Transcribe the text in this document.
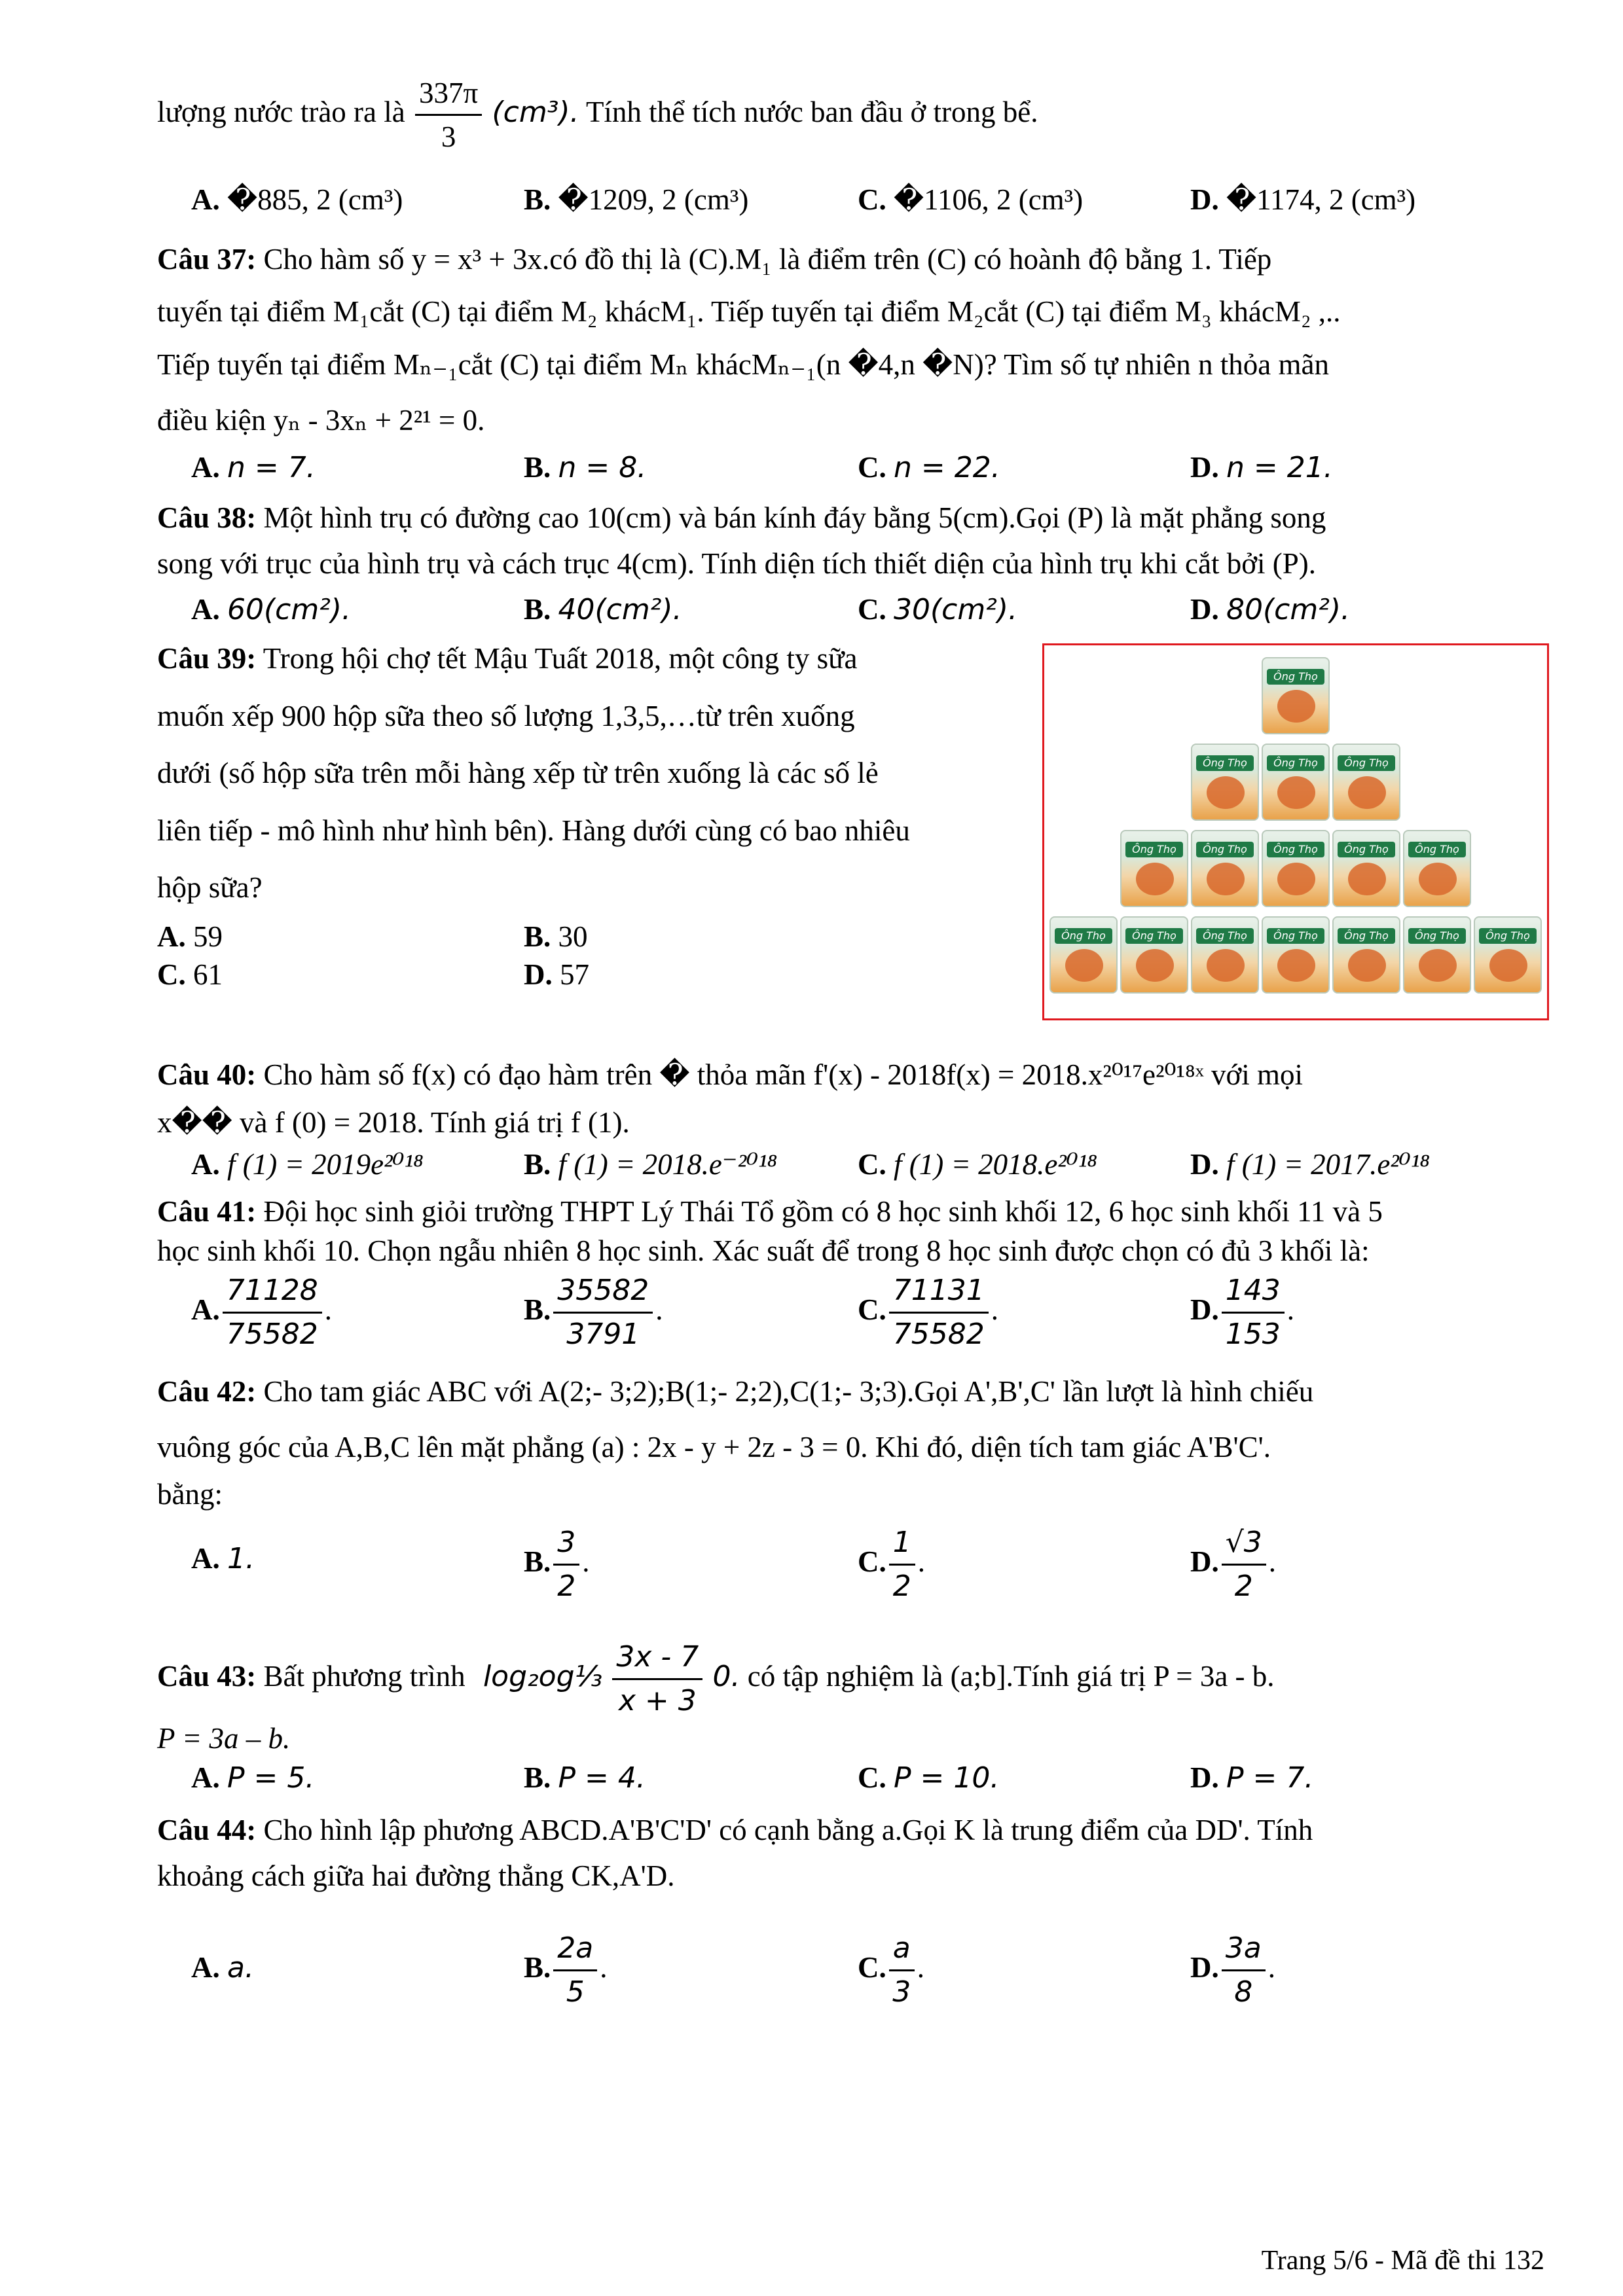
lượng nước trào ra là $\frac{337\pi}{3} (cm^3)$. Tính thể tích nước ban đầu ở trong bể.
A. �885, 2 (cm³)	B. �1209, 2 (cm³)	C. �1106, 2 (cm³)	D. �1174, 2 (cm³)
Câu 37: Cho hàm số y = x³ + 3x.có đồ thị là (C).M₁ là điểm trên (C) có hoành độ bằng 1. Tiếp
tuyến tại điểm M₁cắt (C) tại điểm M₂ khácM₁. Tiếp tuyến tại điểm M₂cắt (C) tại điểm M₃ khácM₂ ,..
Tiếp tuyến tại điểm Mₙ₋₁cắt (C) tại điểm Mₙ khácMₙ₋₁(n �4,n �N)? Tìm số tự nhiên n thỏa mãn
điều kiện yₙ - 3xₙ + 2²¹ = 0.
A. n = 7.	B. n = 8.	C. n = 22.	D. n = 21.
Câu 38: Một hình trụ có đường cao 10(cm) và bán kính đáy bằng 5(cm).Gọi (P) là mặt phẳng song
song với trục của hình trụ và cách trục 4(cm). Tính diện tích thiết diện của hình trụ khi cắt bởi (P).
A. 60(cm²).	B. 40(cm²).	C. 30(cm²).	D. 80(cm²).
Câu 39: Trong hội chợ tết Mậu Tuất 2018, một công ty sữa
muốn xếp 900 hộp sữa theo số lượng 1,3,5,…từ trên xuống
dưới (số hộp sữa trên mỗi hàng xếp từ trên xuống là các số lẻ
liên tiếp - mô hình như hình bên). Hàng dưới cùng có bao nhiêu
hộp sữa?
A. 59	B. 30
C. 61	D. 57
Ông Thọ
Ông Thọ	Ông Thọ	Ông Thọ
Ông Thọ	Ông Thọ	Ông Thọ	Ông Thọ	Ông Thọ
Ông Thọ	Ông Thọ	Ông Thọ	Ông Thọ	Ông Thọ	Ông Thọ	Ông Thọ
Câu 40: Cho hàm số f(x) có đạo hàm trên � thỏa mãn f'(x) - 2018f(x) = 2018.x²⁰¹⁷e²⁰¹⁸ˣ với mọi
x�� và f (0) = 2018. Tính giá trị f (1).
A. f (1) = 2019e²⁰¹⁸	B. f (1) = 2018.e⁻²⁰¹⁸	C. f (1) = 2018.e²⁰¹⁸	D. f (1) = 2017.e²⁰¹⁸
Câu 41: Đội học sinh giỏi trường THPT Lý Thái Tổ gồm có 8 học sinh khối 12, 6 học sinh khối 11 và 5
học sinh khối 10. Chọn ngẫu nhiên 8 học sinh. Xác suất để trong 8 học sinh được chọn có đủ 3 khối là:
A. $\frac{71128}{75582}$ .	B. $\frac{35582}{3791}$ .	C. $\frac{71131}{75582}$ .	D. $\frac{143}{153}$ .
Câu 42: Cho tam giác ABC với A(2;- 3;2);B(1;- 2;2),C(1;- 3;3).Gọi A',B',C' lần lượt là hình chiếu
vuông góc của A,B,C lên mặt phẳng (a) : 2x - y + 2z - 3 = 0. Khi đó, diện tích tam giác A'B'C'.
bằng:
A. 1.	B. $\frac{3}{2}$ .	C. $\frac{1}{2}$ .	D. $\frac{√3}{2}$ .
Câu 43: Bất phương trình log₂og⅓ $\frac{3x - 7}{x + 3} 0$. có tập nghiệm là (a;b].Tính giá trị P = 3a - b.
P = 3a – b.
A. P = 5.	B. P = 4.	C. P = 10.	D. P = 7.
Câu 44: Cho hình lập phương ABCD.A'B'C'D' có cạnh bằng a.Gọi K là trung điểm của DD'. Tính
khoảng cách giữa hai đường thẳng CK,A'D.
A. a.	B. $\frac{2a}{5}$ .	C. $\frac{a}{3}$ .	D. $\frac{3a}{8}$ .
Trang 5/6 - Mã đề thi 132
